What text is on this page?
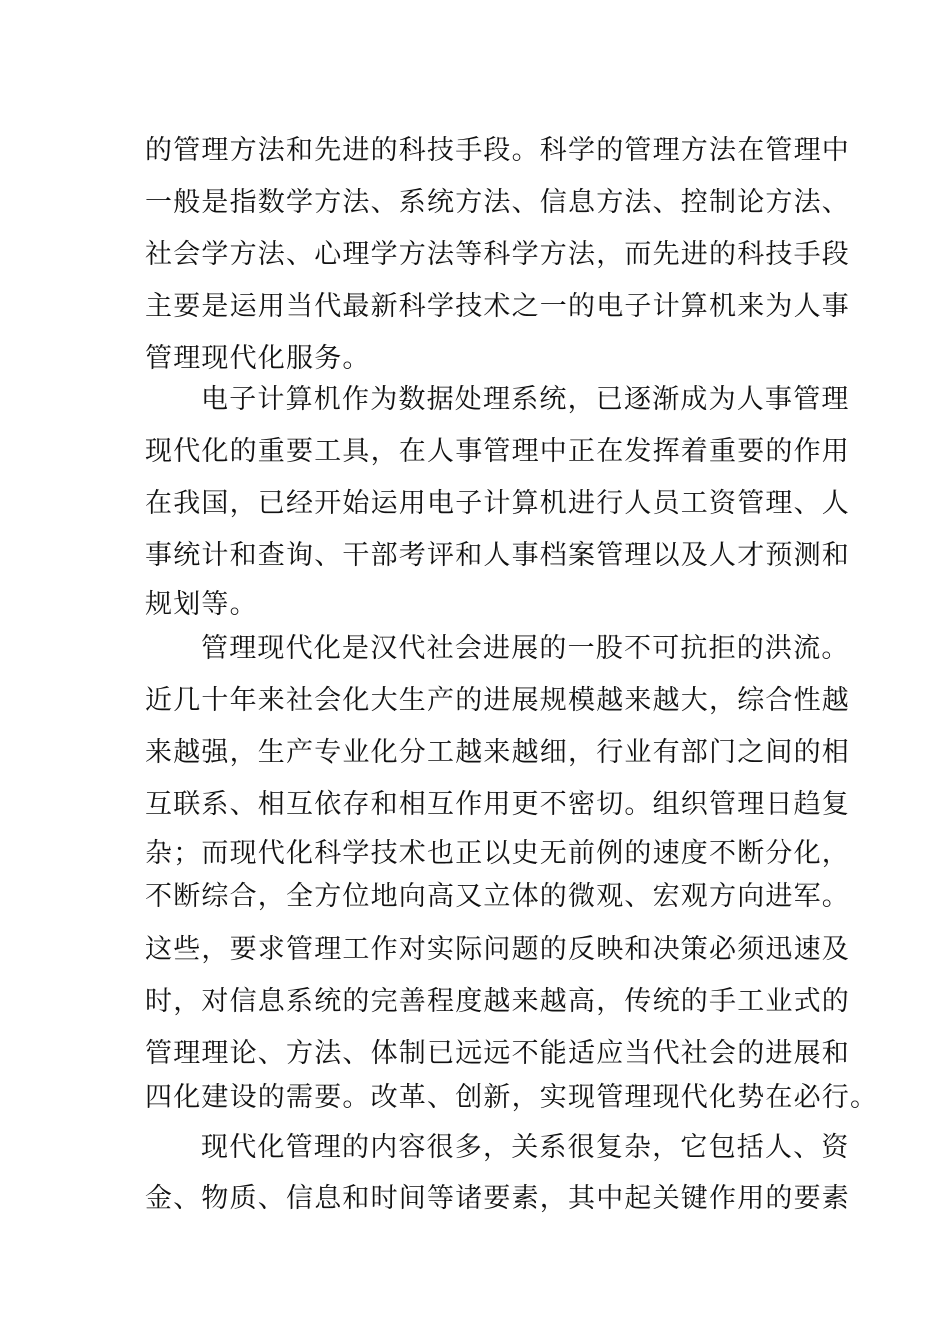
的管理方法和先进的科技手段。科学的管理方法在管理中
一般是指数学方法、系统方法、信息方法、控制论方法、
社会学方法、心理学方法等科学方法，而先进的科技手段
主要是运用当代最新科学技术之一的电子计算机来为人事
管理现代化服务。
电子计算机作为数据处理系统，已逐渐成为人事管理
现代化的重要工具，在人事管理中正在发挥着重要的作用
在我国，已经开始运用电子计算机进行人员工资管理、人
事统计和查询、干部考评和人事档案管理以及人才预测和
规划等。
管理现代化是汉代社会进展的一股不可抗拒的洪流。
近几十年来社会化大生产的进展规模越来越大，综合性越
来越强，生产专业化分工越来越细，行业有部门之间的相
互联系、相互依存和相互作用更不密切。组织管理日趋复
杂；而现代化科学技术也正以史无前例的速度不断分化，
不断综合，全方位地向高又立体的微观、宏观方向进军。
这些，要求管理工作对实际问题的反映和决策必须迅速及
时，对信息系统的完善程度越来越高，传统的手工业式的
管理理论、方法、体制已远远不能适应当代社会的进展和
四化建设的需要。改革、创新，实现管理现代化势在必行。
现代化管理的内容很多，关系很复杂，它包括人、资
金、物质、信息和时间等诸要素，其中起关键作用的要素
